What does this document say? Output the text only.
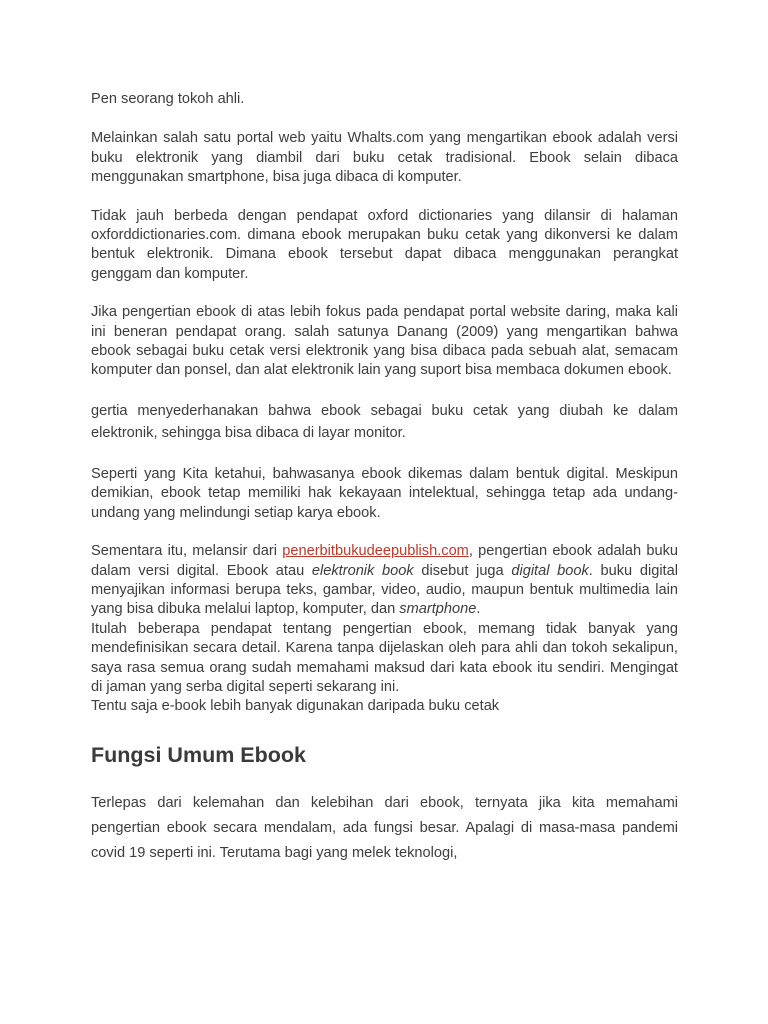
Pen seorang tokoh ahli.

Melainkan salah satu portal web yaitu Whalts.com yang mengartikan ebook adalah versi buku elektronik yang diambil dari buku cetak tradisional. Ebook selain dibaca menggunakan smartphone, bisa juga dibaca di komputer.

Tidak jauh berbeda dengan pendapat oxford dictionaries yang dilansir di halaman oxforddictionaries.com. dimana ebook merupakan buku cetak yang dikonversi ke dalam bentuk elektronik. Dimana ebook tersebut dapat dibaca menggunakan perangkat genggam dan komputer.

Jika pengertian ebook di atas lebih fokus pada pendapat portal website daring, maka kali ini beneran pendapat orang. salah satunya Danang (2009) yang mengartikan bahwa ebook sebagai buku cetak versi elektronik yang bisa dibaca pada sebuah alat, semacam komputer dan ponsel, dan alat elektronik lain yang suport bisa membaca dokumen ebook.

gertia menyederhanakan bahwa ebook sebagai buku cetak yang diubah ke dalam elektronik, sehingga bisa dibaca di layar monitor.

Seperti yang Kita ketahui, bahwasanya ebook dikemas dalam bentuk digital. Meskipun demikian, ebook tetap memiliki hak kekayaan intelektual, sehingga tetap ada undang-undang yang melindungi setiap karya ebook.

Sementara itu, melansir dari penerbitbukudeepublish.com, pengertian ebook adalah buku dalam versi digital. Ebook atau elektronik book disebut juga digital book. buku digital menyajikan informasi berupa teks, gambar, video, audio, maupun bentuk multimedia lain yang bisa dibuka melalui laptop, komputer, dan smartphone.

Itulah beberapa pendapat tentang pengertian ebook, memang tidak banyak yang mendefinisikan secara detail. Karena tanpa dijelaskan oleh para ahli dan tokoh sekalipun, saya rasa semua orang sudah memahami maksud dari kata ebook itu sendiri. Mengingat di jaman yang serba digital seperti sekarang ini.

Tentu saja e-book lebih banyak digunakan daripada buku cetak

Fungsi Umum Ebook

Terlepas dari kelemahan dan kelebihan dari ebook, ternyata jika kita memahami pengertian ebook secara mendalam, ada fungsi besar. Apalagi di masa-masa pandemi covid 19 seperti ini. Terutama bagi yang melek teknologi,
